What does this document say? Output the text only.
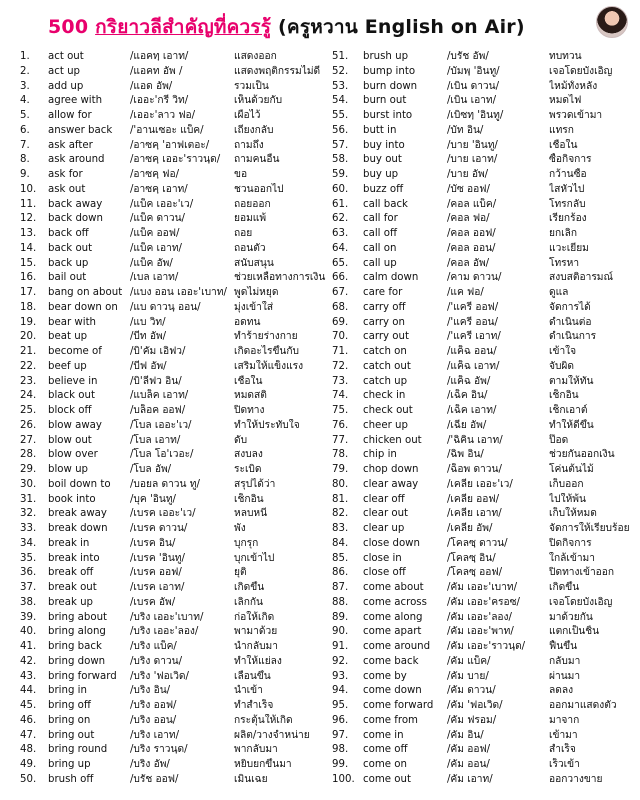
500 กริยาวลีสำคัญที่ควรรู้ (ครูหวาน English on Air)
1.	act out	/แอคทฺ เอาท/	แสดงออก
2.	act up	/แอคท อัพ /	แสดงพฤติกรรมไม่ดี
3.	add up	/แอด อัพ/	รวมเป็น
4.	agree with	/เออะ'กรี วิท/	เห็นด้วยกับ
5.	allow for	/เออะ'ลาว ฟอ/	เผื่อไว้
6.	answer back	/'อานเซอะ แบ็ค/	เถียงกลับ
7.	ask after	/อาซคฺ 'อาฟเตอะ/	ถามถึง
8.	ask around	/อาซคฺ เออะ'ราวนฺด/	ถามคนอื่น
9.	ask for	/อาซคฺ ฟอ/	ขอ
10.	ask out	/อาซคฺ เอาท/	ชวนออกไป
11.	back away	/แบ็ค เออะ'เว/	ถอยออก
12.	back down	/แบ็ค ดาวน/	ยอมแพ้
13.	back off	/แบ็ค ออฟ/	ถอย
14.	back out	/แบ็ค เอาท/	ถอนตัว
15.	back up	/แบ็ค อัพ/	สนับสนุน
16.	bail out	/เบล เอาท/	ช่วยเหลือทางการเงิน
17.	bang on about /แบง ออน เออะ'เบาท/ พูดไม่หยุด
18.	bear down on	/แบ ดาวนฺ ออน/	มุ่งเข้าใส่
19.	bear with	/แบ วิท/	อดทน
20.	beat up	/บีท อัพ/	ทำร้ายร่างกาย
21.	become of	/บิ'คัม เอิฟว/	เกิดอะไรขึ้นกับ
22.	beef up	/บีฟ อัพ/	เสริมให้แข็งแรง
23.	believe in	/บิ'ลีฟว อิน/	เชื่อใน
24.	black out	/แบล็ค เอาท/	หมดสติ
25.	block off	/บล็อค ออฟ/	ปิดทาง
26.	blow away	/โบล เออะ'เว/	ทำให้ประทับใจ
27.	blow out	/โบล เอาท/	ดับ
28.	blow over	/โบล โอ'เวอะ/	สงบลง
29.	blow up	/โบล อัพ/	ระเบิด
30.	boil down to	/บอยล ดาวน ทู/	สรุปได้ว่า
31.	book into	/บุค 'อินทู/	เช็กอิน
32.	break away	/เบรค เออะ'เว/	หลบหนี
33.	break down	/เบรค ดาวน/	พัง
34.	break in	/เบรค อิน/	บุกรุก
35.	break into	/เบรค 'อินทู/	บุกเข้าไป
36.	break off	/เบรค ออฟ/	ยุติ
37.	break out	/เบรค เอาท/	เกิดขึ้น
38.	break up	/เบรค อัพ/	เลิกกัน
39.	bring about	/บริง เออะ'เบาท/	ก่อให้เกิด
40.	bring along	/บริง เออะ'ลอง/	พามาด้วย
41.	bring back	/บริง แบ็ค/	นำกลับมา
42.	bring down	/บริง ดาวน/	ทำให้แย่ลง
43.	bring forward	/บริง 'ฟอเวิด/	เลื่อนขึ้น
44.	bring in	/บริง อิน/	นำเข้า
45.	bring off	/บริง ออฟ/	ทำสำเร็จ
46.	bring on	/บริง ออน/	กระตุ้นให้เกิด
47.	bring out	/บริง เอาท/	ผลิต/วางจำหน่าย
48.	bring round	/บริง ราวนฺด/	พากลับมา
49.	bring up	/บริง อัพ/	หยิบยกขึ้นมา
50.	brush off	/บรัช ออฟ/	เมินเฉย
51.	brush up	/บรัช อัพ/	ทบทวน
52.	bump into	/บัมพฺ 'อินทู/	เจอโดยบังเอิญ
53.	burn down	/เบิน ดาวน/	ไหม้ทั้งหลัง
54.	burn out	/เบิน เอาท/	หมดไฟ
55.	burst into	/เบิซทฺ 'อินทู/	พรวดเข้ามา
56.	butt in	/บัท อิน/	แทรก
57.	buy into	/บาย 'อินทู/	เชื่อใน
58.	buy out	/บาย เอาท/	ซื้อกิจการ
59.	buy up	/บาย อัพ/	กว้านซื้อ
60.	buzz off	/บัซ ออฟ/	ไสหัวไป
61.	call back	/คอล แบ็ค/	โทรกลับ
62.	call for	/คอล ฟอ/	เรียกร้อง
63.	call off	/คอล ออฟ/	ยกเลิก
64.	call on	/คอล ออน/	แวะเยี่ยม
65.	call up	/คอล อัพ/	โทรหา
66.	calm down	/คาม ดาวน/	สงบสติอารมณ์
67.	care for	/แค ฟอ/	ดูแล
68.	carry off	/'แครี ออฟ/	จัดการได้
69.	carry on	/'แครี ออน/	ดำเนินต่อ
70.	carry out	/'แครี เอาท/	ดำเนินการ
71.	catch on	/แค็ฉ ออน/	เข้าใจ
72.	catch out	/แค็ฉ เอาท/	จับผิด
73.	catch up	/แค็ฉ อัพ/	ตามให้ทัน
74.	check in	/เฉ็ค อิน/	เช็กอิน
75.	check out	/เฉ็ค เอาท/	เช็กเอาต์
76.	cheer up	/เฉีย อัพ/	ทำให้ดีขึ้น
77.	chicken out	/'ฉิคิน เอาท/	ป๊อด
78.	chip in	/ฉิพ อิน/	ช่วยกันออกเงิน
79.	chop down	/ฉ็อพ ดาวน/	โค่นต้นไม้
80.	clear away	/เคลีย เออะ'เว/	เก็บออก
81.	clear off	/เคลีย ออฟ/	ไปให้พ้น
82.	clear out	/เคลีย เอาท/	เก็บให้หมด
83.	clear up	/เคลีย อัพ/	จัดการให้เรียบร้อย
84.	close down	/โคลซฺ ดาวน/	ปิดกิจการ
85.	close in	/โคลซฺ อิน/	ใกล้เข้ามา
86.	close off	/โคลซฺ ออฟ/	ปิดทางเข้าออก
87.	come about	/คัม เออะ'เบาท/	เกิดขึ้น
88.	come across	/คัม เออะ'ครอซ/	เจอโดยบังเอิญ
89.	come along	/คัม เออะ'ลอง/	มาด้วยกัน
90.	come apart	/คัม เออะ'พาท/	แตกเป็นชิ้น
91.	come around	/คัม เออะ'ราวนฺด/	ฟื้นขึ้น
92.	come back	/คัม แบ็ค/	กลับมา
93.	come by	/คัม บาย/	ผ่านมา
94.	come down	/คัม ดาวน/	ลดลง
95.	come forward	/คัม 'ฟอเวิด/	ออกมาแสดงตัว
96.	come from	/คัม ฟรอม/	มาจาก
97.	come in	/คัม อิน/	เข้ามา
98.	come off	/คัม ออฟ/	สำเร็จ
99.	come on	/คัม ออน/	เร็วเข้า
100. come out	/คัม เอาท/	ออกวางขาย
